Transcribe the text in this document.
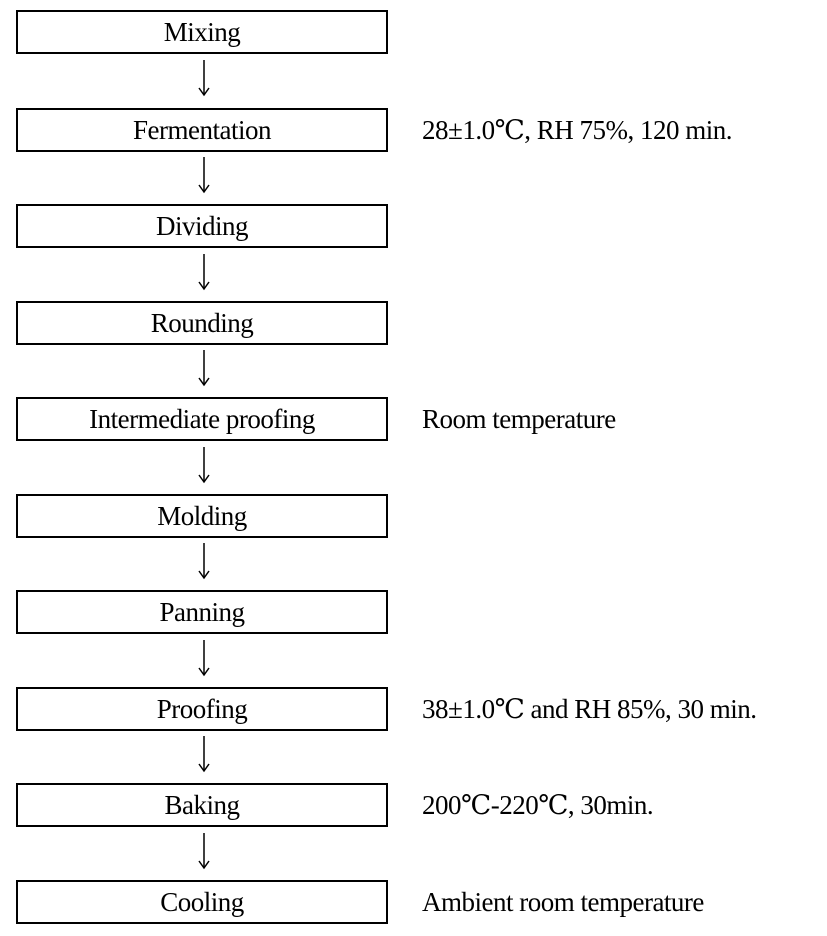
Mixing
Fermentation	28±1.0℃, RH 75%, 120 min.
Dividing
Rounding
Intermediate proofing	Room temperature
Molding
Panning
Proofing	38±1.0℃ and RH 85%, 30 min.
Baking	200℃-220℃, 30min.
Cooling	Ambient room temperature
